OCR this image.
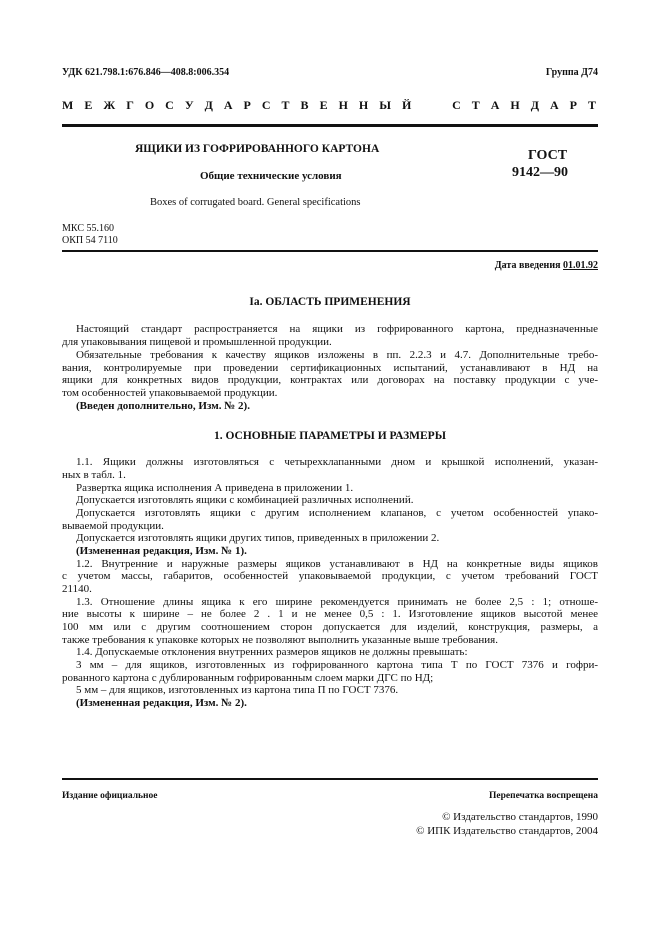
УДК 621.798.1:676.846—408.8:006.354	Группа Д74
М Е Ж Г О С У Д А Р С Т В Е Н Н Ы Й	С Т А Н Д А Р Т
ЯЩИКИ ИЗ ГОФРИРОВАННОГО КАРТОНА
Общие технические условия
Boxes of corrugated board. General specifications
ГОСТ
9142—90
МКС 55.160
ОКП 54 7110
Дата введения 01.01.92
Iа. ОБЛАСТЬ ПРИМЕНЕНИЯ
Настоящий стандарт распространяется на ящики из гофрированного картона, предназначенные
для упаковывания пищевой и промышленной продукции.
Обязательные требования к качеству ящиков изложены в пп. 2.2.3 и 4.7. Дополнительные требо-
вания, контролируемые при проведении сертификационных испытаний, устанавливают в НД на
ящики для конкретных видов продукции, контрактах или договорах на поставку продукции с уче-
том особенностей упаковываемой продукции.
(Введен дополнительно, Изм. № 2).
1. ОСНОВНЫЕ ПАРАМЕТРЫ И РАЗМЕРЫ
1.1. Ящики должны изготовляться с четырехклапанными дном и крышкой исполнений, указан-
ных в табл. 1.
Развертка ящика исполнения А приведена в приложении 1.
Допускается изготовлять ящики с комбинацией различных исполнений.
Допускается изготовлять ящики с другим исполнением клапанов, с учетом особенностей упако-
вываемой продукции.
Допускается изготовлять ящики других типов, приведенных в приложении 2.
(Измененная редакция, Изм. № 1).
1.2. Внутренние и наружные размеры ящиков устанавливают в НД на конкретные виды ящиков
с учетом массы, габаритов, особенностей упаковываемой продукции, с учетом требований ГОСТ
21140.
1.3. Отношение длины ящика к его ширине рекомендуется принимать не более 2,5 : 1; отноше-
ние высоты к ширине – не более 2 . 1 и не менее 0,5 : 1. Изготовление ящиков высотой менее
100 мм или с другим соотношением сторон допускается для изделий, конструкция, размеры, а
также требования к упаковке которых не позволяют выполнить указанные выше требования.
1.4. Допускаемые отклонения внутренних размеров ящиков не должны превышать:
3 мм – для ящиков, изготовленных из гофрированного картона типа Т по ГОСТ 7376 и гофри-
рованного картона с дублированным гофрированным слоем марки ДГС по НД;
5 мм – для ящиков, изготовленных из картона типа П по ГОСТ 7376.
(Измененная редакция, Изм. № 2).
Издание официальное	Перепечатка воспрещена
© Издательство стандартов, 1990
© ИПК Издательство стандартов, 2004
